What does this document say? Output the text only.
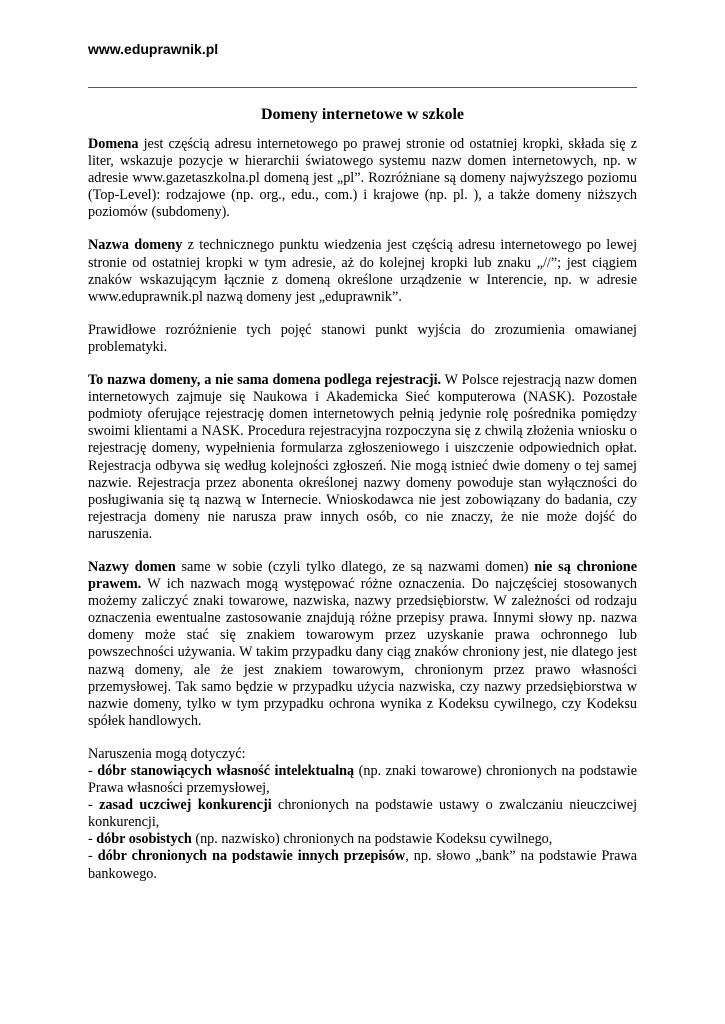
www.eduprawnik.pl
Domeny internetowe w szkole

Domena jest częścią adresu internetowego po prawej stronie od ostatniej kropki, składa się z liter, wskazuje pozycje w hierarchii światowego systemu nazw domen internetowych, np. w adresie www.gazetaszkolna.pl domeną jest „pl”. Rozróżniane są domeny najwyższego poziomu (Top-Level): rodzajowe (np. org., edu., com.) i krajowe (np. pl. ), a także domeny niższych poziomów (subdomeny).

Nazwa domeny z technicznego punktu wiedzenia jest częścią adresu internetowego po lewej stronie od ostatniej kropki w tym adresie, aż do kolejnej kropki lub znaku „//”; jest ciągiem znaków wskazującym łącznie z domeną określone urządzenie w Interencie, np. w adresie www.eduprawnik.pl nazwą domeny jest „eduprawnik”.

Prawidłowe rozróżnienie tych pojęć stanowi punkt wyjścia do zrozumienia omawianej problematyki.

To nazwa domeny, a nie sama domena podlega rejestracji. W Polsce rejestracją nazw domen internetowych zajmuje się Naukowa i Akademicka Sieć komputerowa (NASK). Pozostałe podmioty oferujące rejestrację domen internetowych pełnią jedynie rolę pośrednika pomiędzy swoimi klientami a NASK. Procedura rejestracyjna rozpoczyna się z chwilą złożenia wniosku o rejestrację domeny, wypełnienia formularza zgłoszeniowego i uiszczenie odpowiednich opłat. Rejestracja odbywa się według kolejności zgłoszeń. Nie mogą istnieć dwie domeny o tej samej nazwie. Rejestracja przez abonenta określonej nazwy domeny powoduje stan wyłączności do posługiwania się tą nazwą w Internecie. Wnioskodawca nie jest zobowiązany do badania, czy rejestracja domeny nie narusza praw innych osób, co nie znaczy, że nie może dojść do naruszenia.

Nazwy domen same w sobie (czyli tylko dlatego, ze są nazwami domen) nie są chronione prawem. W ich nazwach mogą występować różne oznaczenia. Do najczęściej stosowanych możemy zaliczyć znaki towarowe, nazwiska, nazwy przedsiębiorstw. W zależności od rodzaju oznaczenia ewentualne zastosowanie znajdują różne przepisy prawa. Innymi słowy np. nazwa domeny może stać się znakiem towarowym przez uzyskanie prawa ochronnego lub powszechności używania. W takim przypadku dany ciąg znaków chroniony jest, nie dlatego jest nazwą domeny, ale że jest znakiem towarowym, chronionym przez prawo własności przemysłowej. Tak samo będzie w przypadku użycia nazwiska, czy nazwy przedsiębiorstwa w nazwie domeny, tylko w tym przypadku ochrona wynika z Kodeksu cywilnego, czy Kodeksu spółek handlowych.

Naruszenia mogą dotyczyć:

- dóbr stanowiących własność intelektualną (np. znaki towarowe) chronionych na podstawie Prawa własności przemysłowej,
- zasad uczciwej konkurencji chronionych na podstawie ustawy o zwalczaniu nieuczciwej konkurencji,
- dóbr osobistych (np. nazwisko) chronionych na podstawie Kodeksu cywilnego,
- dóbr chronionych na podstawie innych przepisów, np. słowo „bank” na podstawie Prawa bankowego.
